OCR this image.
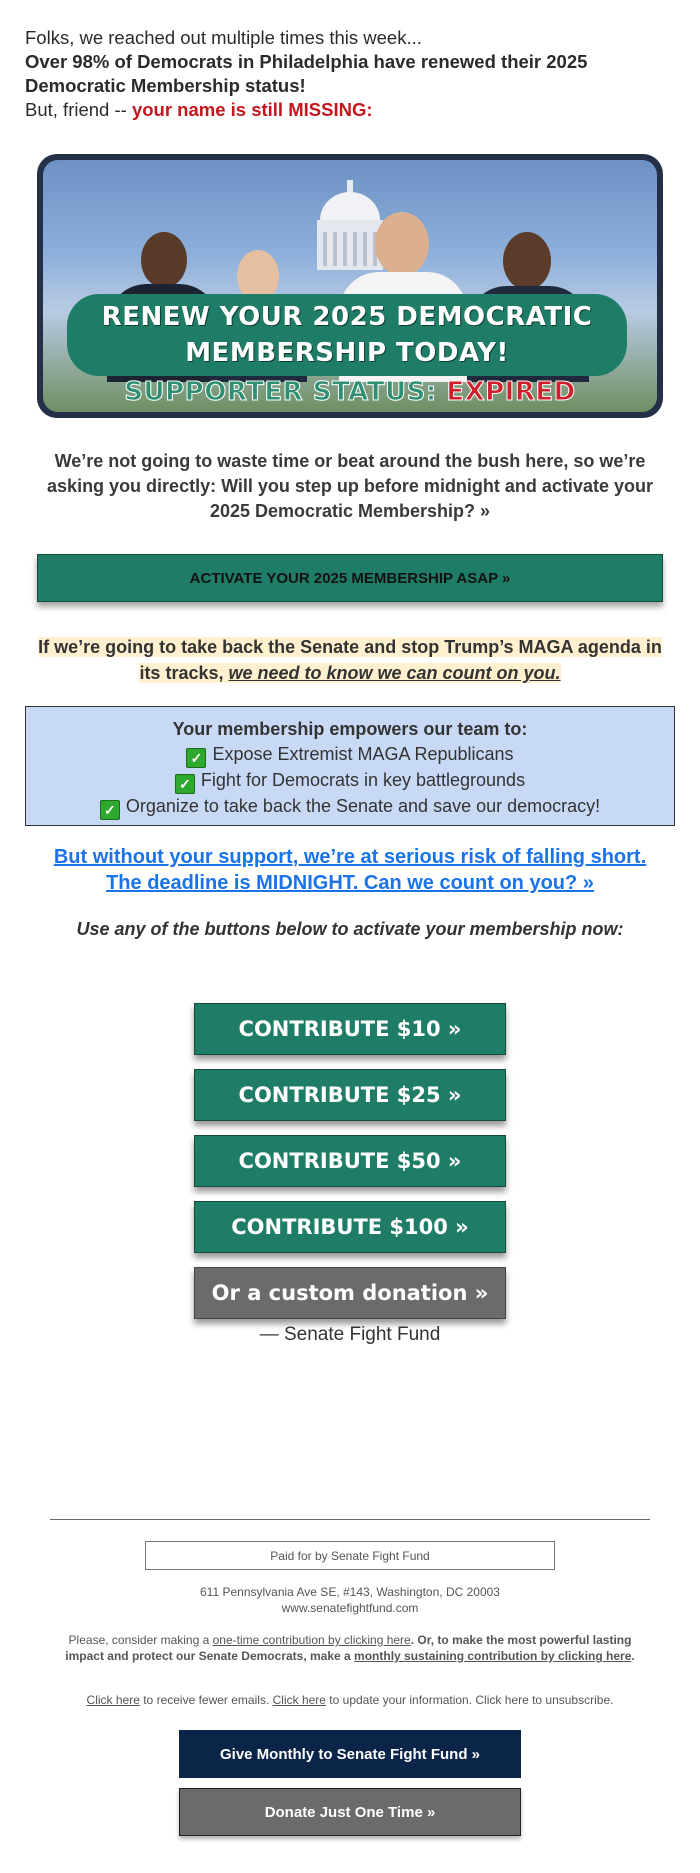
Folks, we reached out multiple times this week...

Over 98% of Democrats in Philadelphia have renewed their 2025 Democratic Membership status!

But, friend -- your name is still MISSING:

RENEW YOUR 2025 DEMOCRATIC
MEMBERSHIP TODAY!
SUPPORTER STATUS: EXPIRED
We’re not going to waste time or beat around the bush here, so we’re asking you directly: Will you step up before midnight and activate your 2025 Democratic Membership? »
ACTIVATE YOUR 2025 MEMBERSHIP ASAP »
If we’re going to take back the Senate and stop Trump’s MAGA agenda in its tracks, we need to know we can count on you.
Your membership empowers our team to:
✓ Expose Extremist MAGA Republicans
✓ Fight for Democrats in key battlegrounds
✓ Organize to take back the Senate and save our democracy!
But without your support, we’re at serious risk of falling short.
The deadline is MIDNIGHT. Can we count on you? »
Use any of the buttons below to activate your membership now:
CONTRIBUTE $10 »
CONTRIBUTE $25 »
CONTRIBUTE $50 »
CONTRIBUTE $100 »
Or a custom donation »
— Senate Fight Fund
Paid for by Senate Fight Fund
611 Pennsylvania Ave SE, #143, Washington, DC 20003
www.senatefightfund.com
Please, consider making a one-time contribution by clicking here. Or, to make the most powerful lasting impact and protect our Senate Democrats, make a monthly sustaining contribution by clicking here.
Click here to receive fewer emails. Click here to update your information. Click here to unsubscribe.
Give Monthly to Senate Fight Fund »
Donate Just One Time »
